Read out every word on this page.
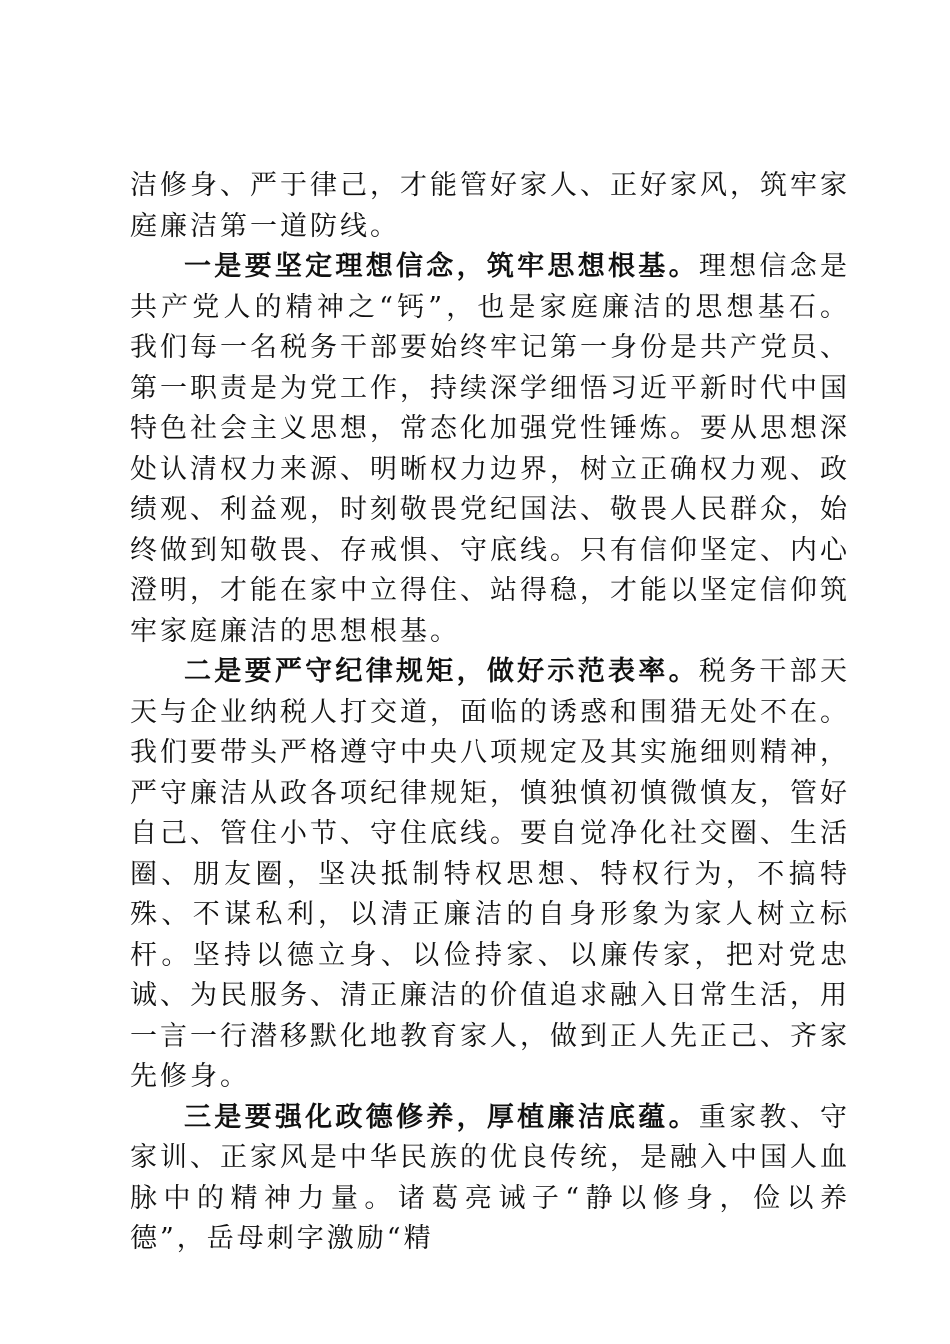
洁修身、严于律己，才能管好家人、正好家风，筑牢家庭廉洁第一道防线。

一是要坚定理想信念，筑牢思想根基。理想信念是共产党人的精神之“钙”，也是家庭廉洁的思想基石。我们每一名税务干部要始终牢记第一身份是共产党员、第一职责是为党工作，持续深学细悟习近平新时代中国特色社会主义思想，常态化加强党性锤炼。要从思想深处认清权力来源、明晰权力边界，树立正确权力观、政绩观、利益观，时刻敬畏党纪国法、敬畏人民群众，始终做到知敬畏、存戒惧、守底线。只有信仰坚定、内心澄明，才能在家中立得住、站得稳，才能以坚定信仰筑牢家庭廉洁的思想根基。

二是要严守纪律规矩，做好示范表率。税务干部天天与企业纳税人打交道，面临的诱惑和围猎无处不在。我们要带头严格遵守中央八项规定及其实施细则精神，严守廉洁从政各项纪律规矩，慎独慎初慎微慎友，管好自己、管住小节、守住底线。要自觉净化社交圈、生活圈、朋友圈，坚决抵制特权思想、特权行为，不搞特殊、不谋私利，以清正廉洁的自身形象为家人树立标杆。坚持以德立身、以俭持家、以廉传家，把对党忠诚、为民服务、清正廉洁的价值追求融入日常生活，用一言一行潜移默化地教育家人，做到正人先正己、齐家先修身。

三是要强化政德修养，厚植廉洁底蕴。重家教、守家训、正家风是中华民族的优良传统，是融入中国人血脉中的精神力量。诸葛亮诫子“静以修身，俭以养德”，岳母刺字激励“精
